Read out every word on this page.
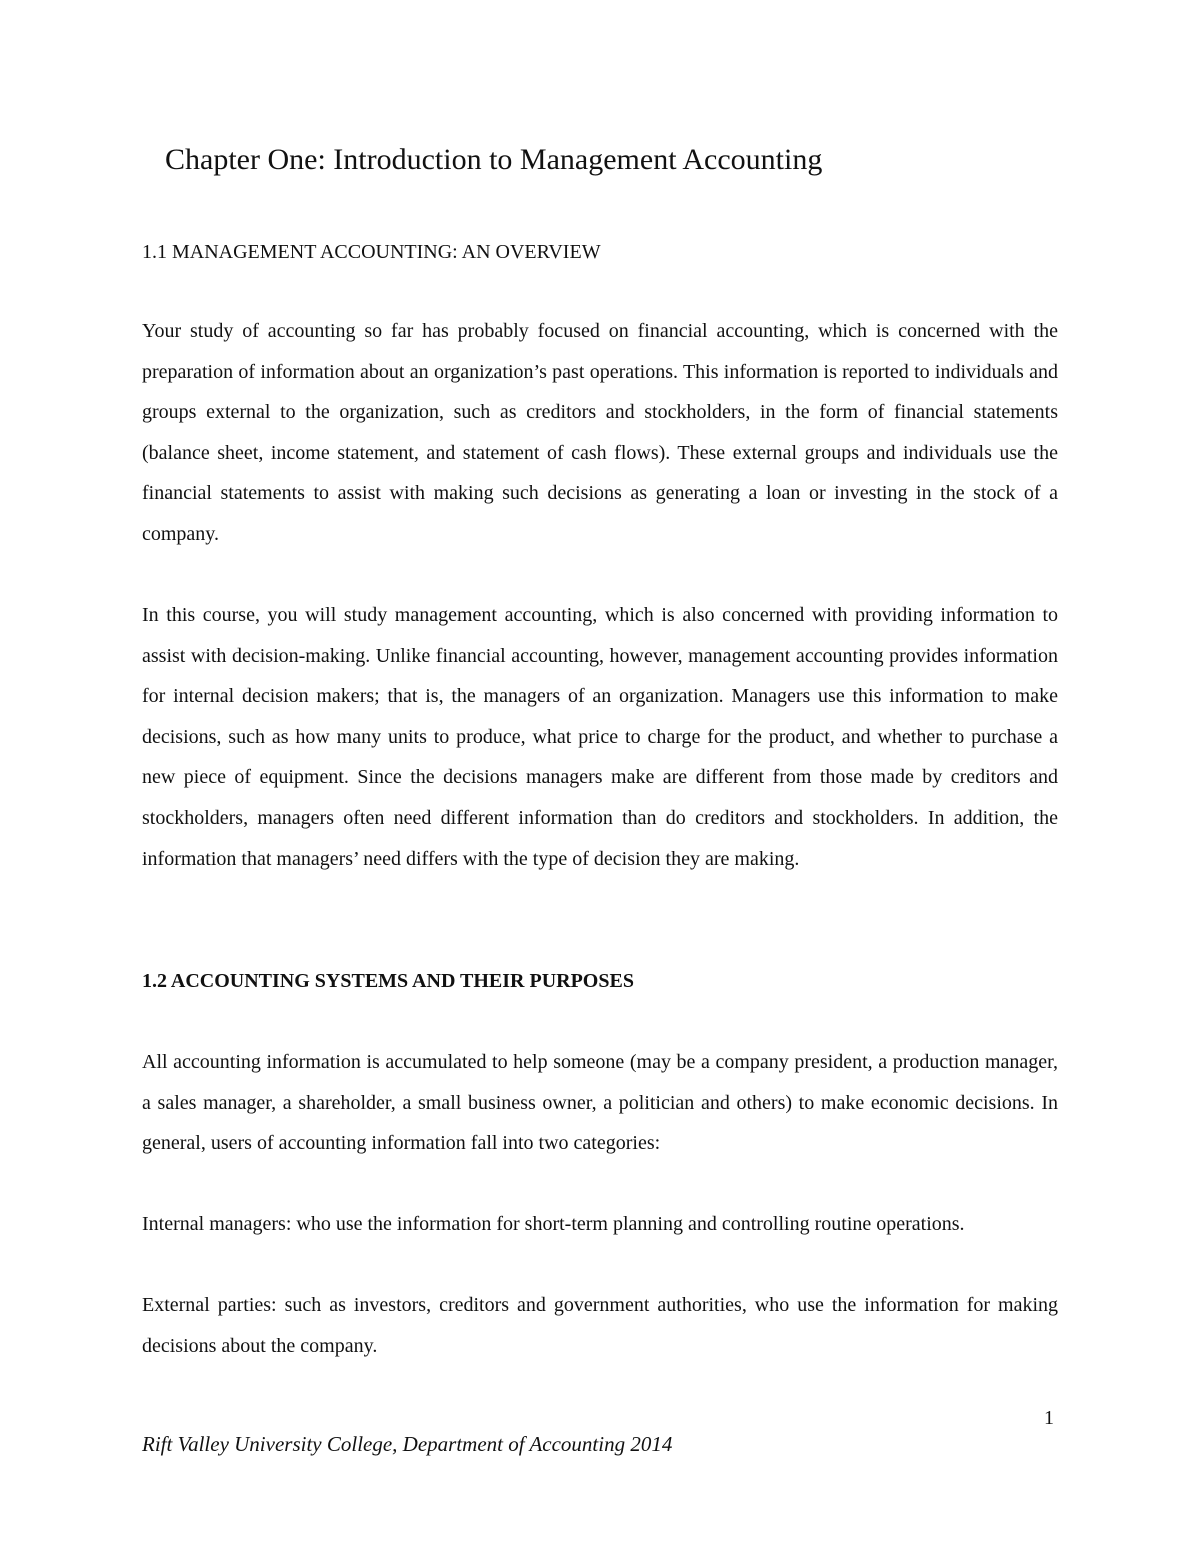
Chapter One: Introduction to Management Accounting
1.1 MANAGEMENT ACCOUNTING: AN OVERVIEW

Your study of accounting so far has probably focused on financial accounting, which is concerned with the preparation of information about an organization’s past operations. This information is reported to individuals and groups external to the organization, such as creditors and stockholders, in the form of financial statements (balance sheet, income statement, and statement of cash flows). These external groups and individuals use the financial statements to assist with making such decisions as generating a loan or investing in the stock of a company.

In this course, you will study management accounting, which is also concerned with providing information to assist with decision-making. Unlike financial accounting, however, management accounting provides information for internal decision makers; that is, the managers of an organization. Managers use this information to make decisions, such as how many units to produce, what price to charge for the product, and whether to purchase a new piece of equipment. Since the decisions managers make are different from those made by creditors and stockholders, managers often need different information than do creditors and stockholders. In addition, the information that managers’ need differs with the type of decision they are making.

1.2 ACCOUNTING SYSTEMS AND THEIR PURPOSES

All accounting information is accumulated to help someone (may be a company president, a production manager, a sales manager, a shareholder, a small business owner, a politician and others) to make economic decisions. In general, users of accounting information fall into two categories:

Internal managers: who use the information for short-term planning and controlling routine operations.

External parties: such as investors, creditors and government authorities, who use the information for making decisions about the company.

1
Rift Valley University College, Department of Accounting 2014
